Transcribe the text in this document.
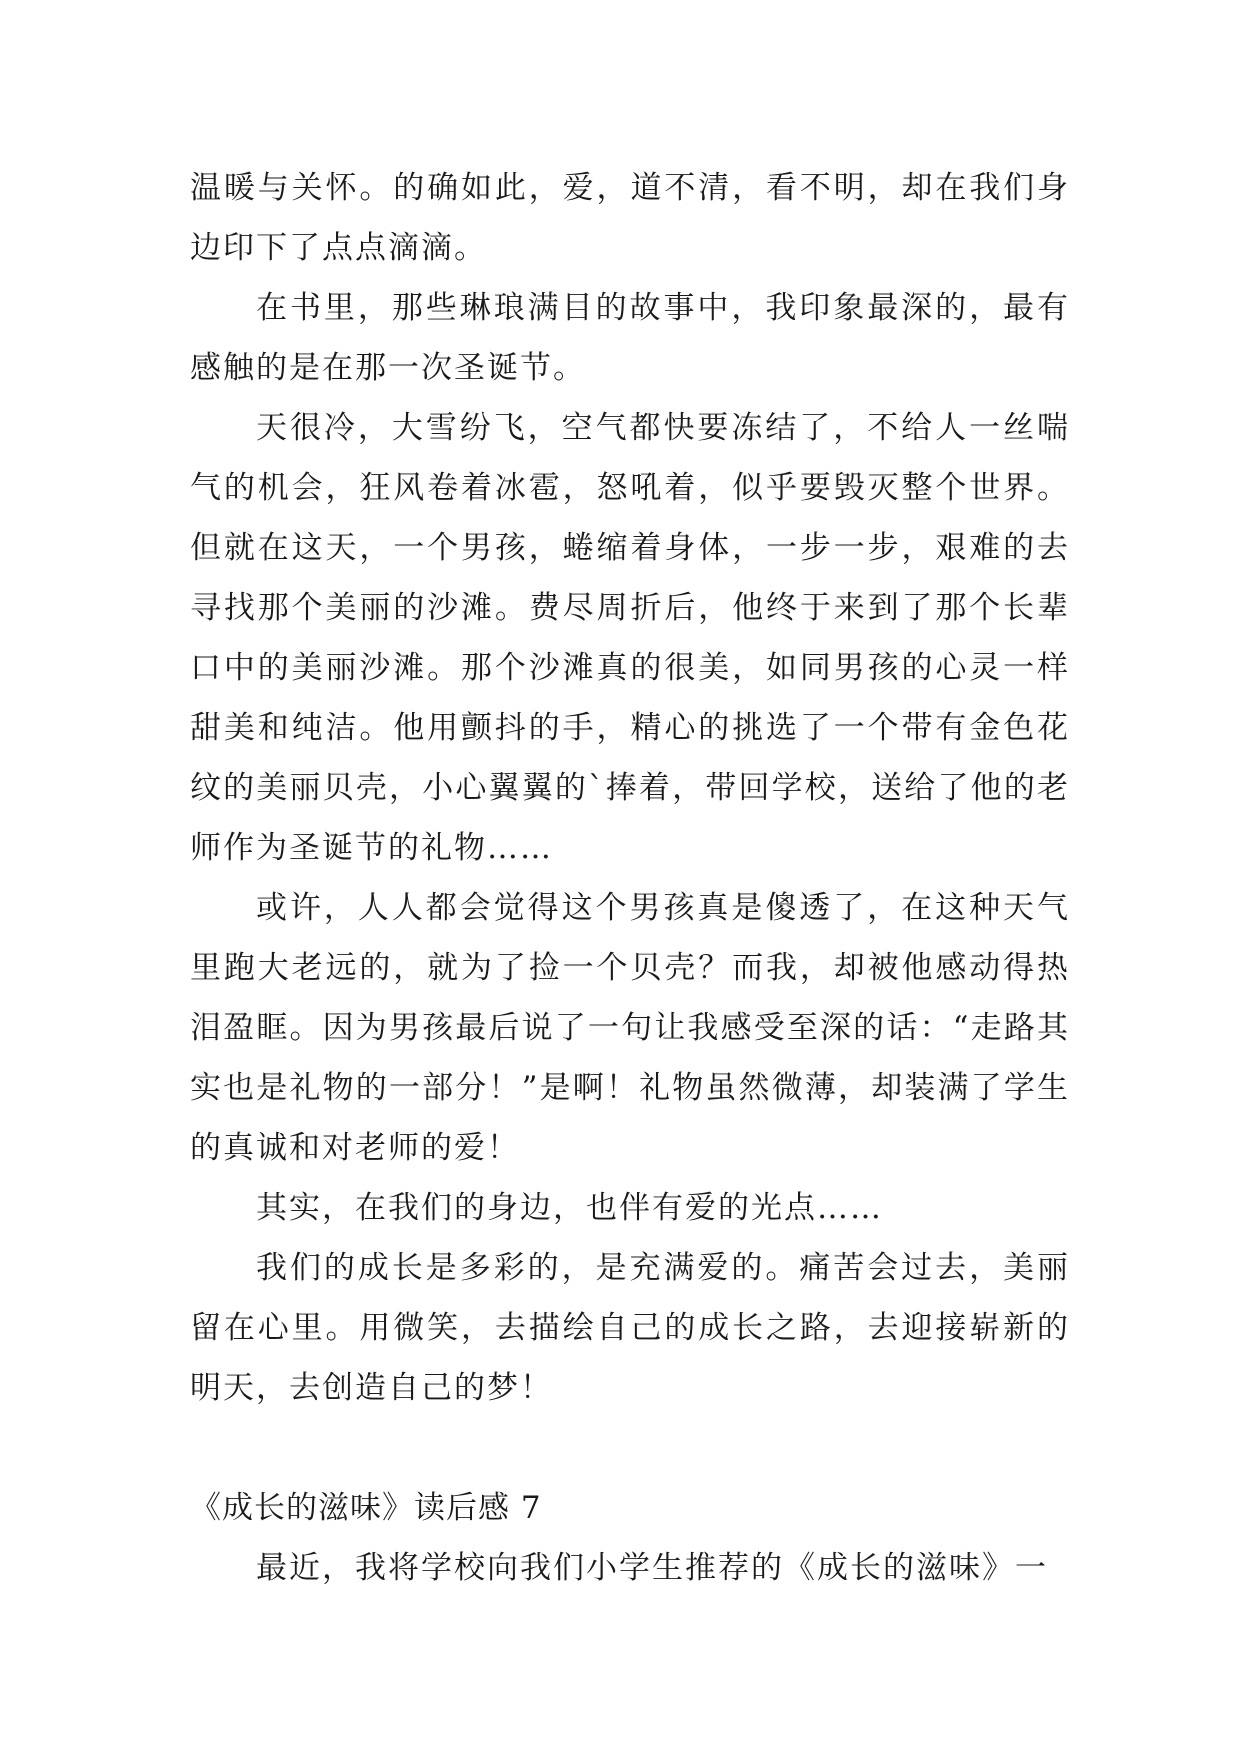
温暖与关怀。的确如此，爱，道不清，看不明，却在我们身边印下了点点滴滴。

在书里，那些琳琅满目的故事中，我印象最深的，最有感触的是在那一次圣诞节。

天很冷，大雪纷飞，空气都快要冻结了，不给人一丝喘气的机会，狂风卷着冰雹，怒吼着，似乎要毁灭整个世界。但就在这天，一个男孩，蜷缩着身体，一步一步，艰难的去寻找那个美丽的沙滩。费尽周折后，他终于来到了那个长辈口中的美丽沙滩。那个沙滩真的很美，如同男孩的心灵一样甜美和纯洁。他用颤抖的手，精心的挑选了一个带有金色花纹的美丽贝壳，小心翼翼的`捧着，带回学校，送给了他的老师作为圣诞节的礼物……

或许，人人都会觉得这个男孩真是傻透了，在这种天气里跑大老远的，就为了捡一个贝壳？而我，却被他感动得热泪盈眶。因为男孩最后说了一句让我感受至深的话：“走路其实也是礼物的一部分！”是啊！礼物虽然微薄，却装满了学生的真诚和对老师的爱！

其实，在我们的身边，也伴有爱的光点……

我们的成长是多彩的，是充满爱的。痛苦会过去，美丽留在心里。用微笑，去描绘自己的成长之路，去迎接崭新的明天，去创造自己的梦！

《成长的滋味》读后感 7

最近，我将学校向我们小学生推荐的《成长的滋味》一
